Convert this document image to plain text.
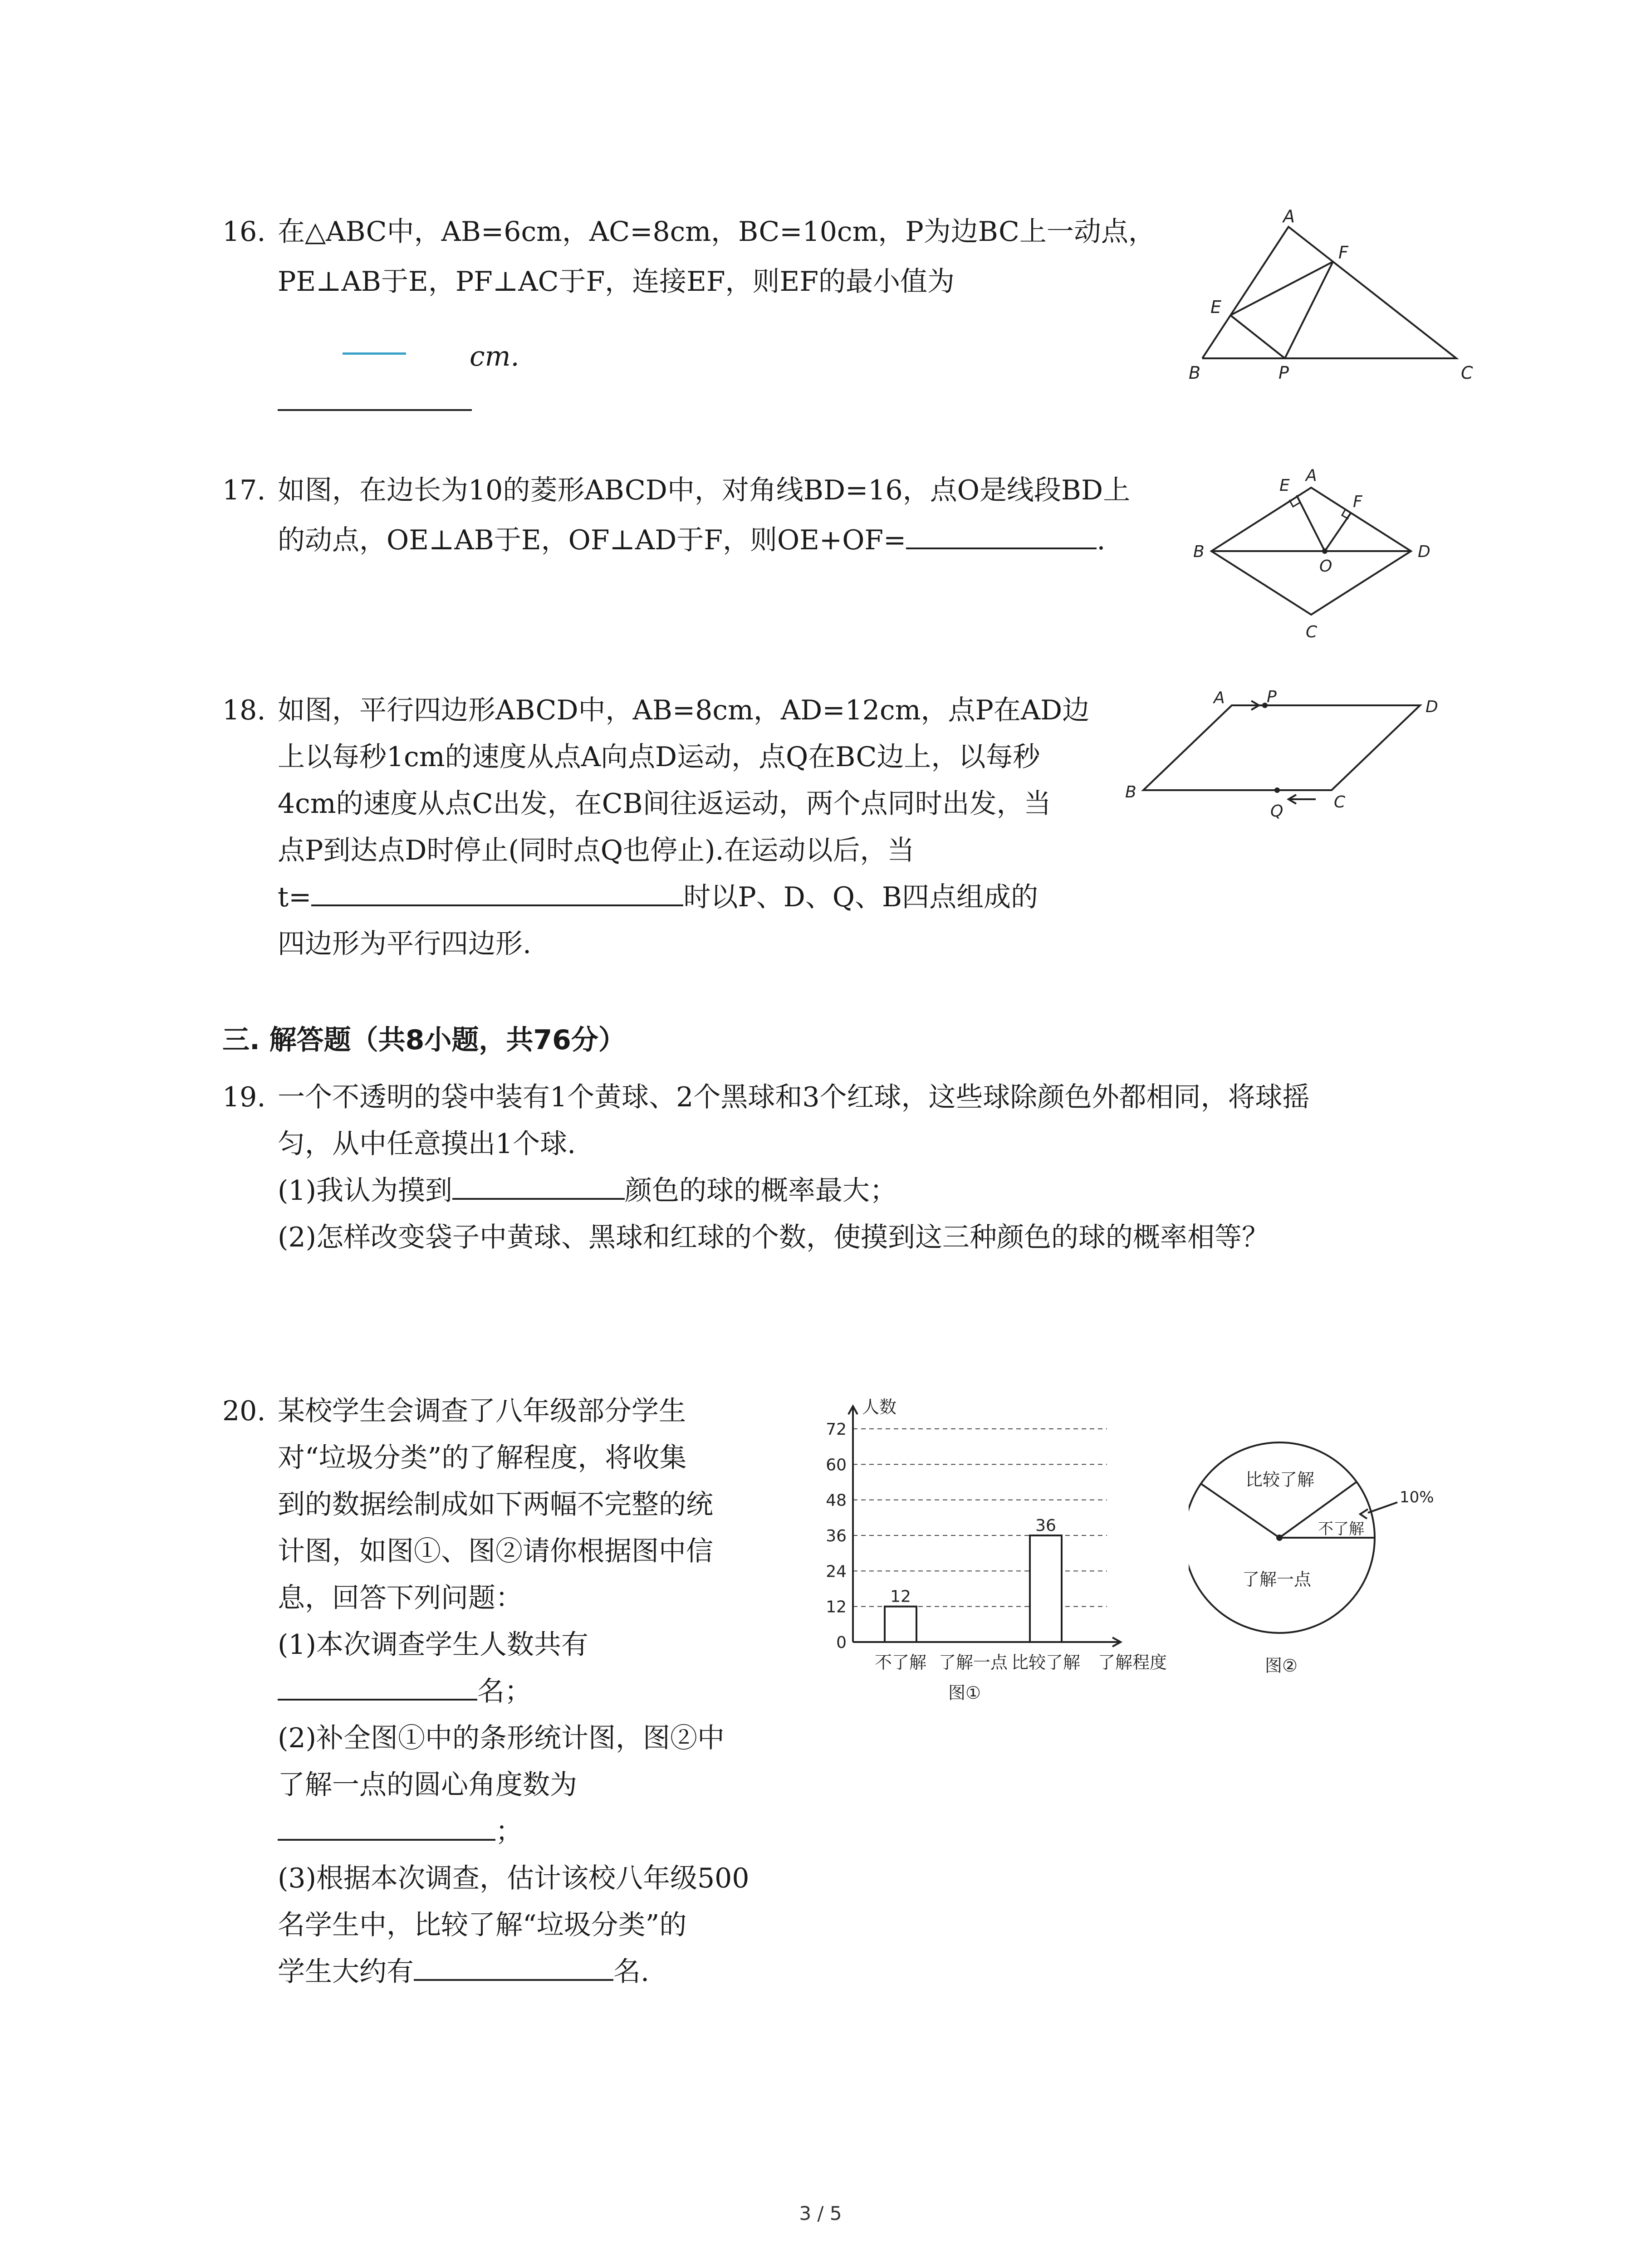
16. 在△ABC中，AB=6cm，AC=8cm，BC=10cm，P为边BC上一动点，
PE⊥AB于E，PF⊥AC于F，连接EF，则EF的最小值为
cm.
A
B	C
E
F
P
17. 如图，在边长为10的菱形ABCD中，对角线BD=16，点O是线段BD上
的动点，OE⊥AB于E，OF⊥AD于F，则OE+OF=	.
A
B
C
D
E
F
O
18. 如图，平行四边形ABCD中，AB=8cm，AD=12cm，点P在AD边
上以每秒1cm的速度从点A向点D运动，点Q在BC边上，以每秒
4cm的速度从点C出发，在CB间往返运动，两个点同时出发，当
点P到达点D时停止(同时点Q也停止).在运动以后，当
t=	时以P、D、Q、B四点组成的
四边形为平行四边形.
A	P
D
B
Q	C
三. 解答题（共8小题，共76分）
19. 一个不透明的袋中装有1个黄球、2个黑球和3个红球，这些球除颜色外都相同，将球摇
匀，从中任意摸出1个球.
(1)我认为摸到	颜色的球的概率最大；
(2)怎样改变袋子中黄球、黑球和红球的个数，使摸到这三种颜色的球的概率相等？
20. 某校学生会调查了八年级部分学生
对“垃圾分类”的了解程度，将收集
到的数据绘制成如下两幅不完整的统
计图，如图①、图②请你根据图中信
息，回答下列问题：
(1)本次调查学生人数共有
名；
(2)补全图①中的条形统计图，图②中
了解一点的圆心角度数为
；
(3)根据本次调查，估计该校八年级500
名学生中，比较了解“垃圾分类”的
学生大约有	名.
12
36
人数
0
12
24
36
48
60
72
不了解 了解一点 比较了解 了解程度
图①
比较了解
不了解
了解一点
10%
图②
3 / 5
